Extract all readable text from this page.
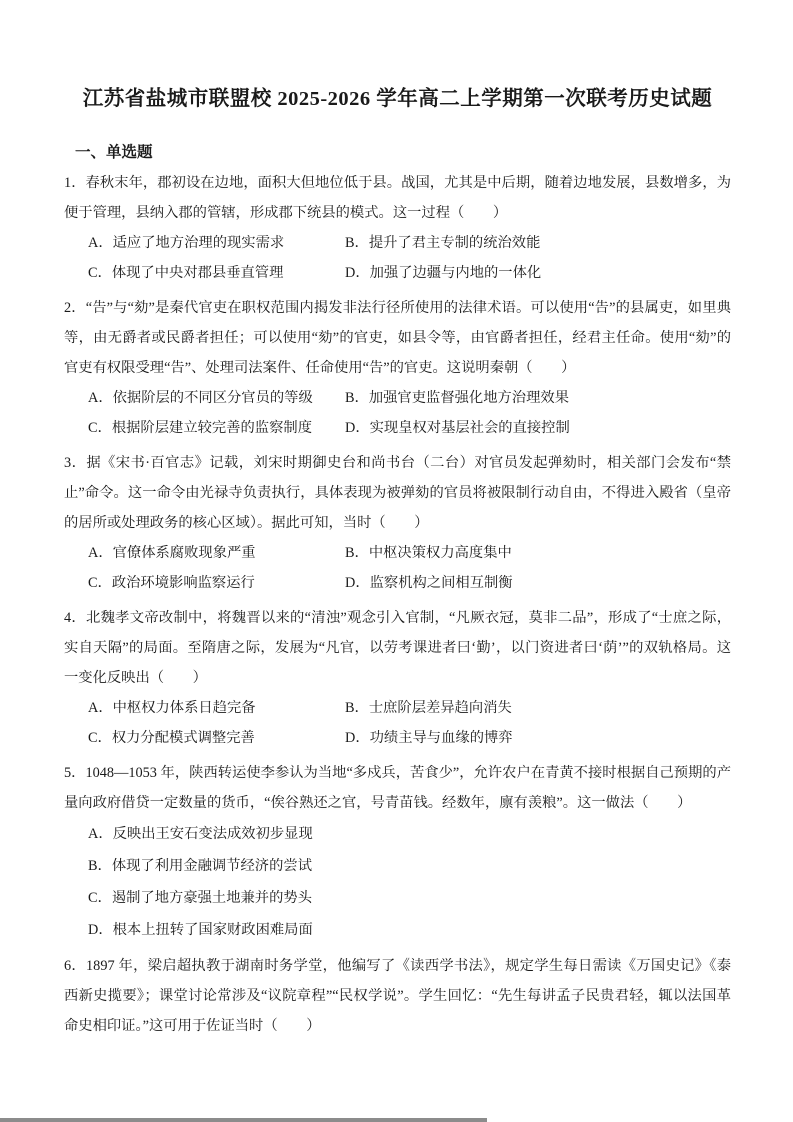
江苏省盐城市联盟校 2025-2026 学年高二上学期第一次联考历史试题
一、单选题

1．春秋末年，郡初设在边地，面积大但地位低于县。战国，尤其是中后期，随着边地发展，县数增多，为便于管理，县纳入郡的管辖，形成郡下统县的模式。这一过程（　　）

A．适应了地方治理的现实需求	B．提升了君主专制的统治效能
C．体现了中央对郡县垂直管理	D．加强了边疆与内地的一体化

2．“告”与“劾”是秦代官吏在职权范围内揭发非法行径所使用的法律术语。可以使用“告”的县属吏，如里典等，由无爵者或民爵者担任；可以使用“劾”的官吏，如县令等，由官爵者担任，经君主任命。使用“劾”的官吏有权限受理“告”、处理司法案件、任命使用“告”的官吏。这说明秦朝（　　）

A．依据阶层的不同区分官员的等级	B．加强官吏监督强化地方治理效果
C．根据阶层建立较完善的监察制度	D．实现皇权对基层社会的直接控制

3．据《宋书·百官志》记载，刘宋时期御史台和尚书台（二台）对官员发起弹劾时，相关部门会发布“禁止”命令。这一命令由光禄寺负责执行，具体表现为被弹劾的官员将被限制行动自由，不得进入殿省（皇帝的居所或处理政务的核心区域）。据此可知，当时（　　）

A．官僚体系腐败现象严重	B．中枢决策权力高度集中
C．政治环境影响监察运行	D．监察机构之间相互制衡

4．北魏孝文帝改制中，将魏晋以来的“清浊”观念引入官制，“凡厥衣冠，莫非二品”，形成了“士庶之际，实自天隔”的局面。至隋唐之际，发展为“凡官，以劳考课进者曰‘勤’，以门资进者曰‘荫’”的双轨格局。这一变化反映出（　　）

A．中枢权力体系日趋完备	B．士庶阶层差异趋向消失
C．权力分配模式调整完善	D．功绩主导与血缘的博弈

5．1048—1053 年，陕西转运使李参认为当地“多戍兵，苦食少”，允许农户在青黄不接时根据自己预期的产量向政府借贷一定数量的货币，“俟谷熟还之官，号青苗钱。经数年，廪有羡粮”。这一做法（　　）

A．反映出王安石变法成效初步显现
B．体现了利用金融调节经济的尝试
C．遏制了地方豪强土地兼并的势头
D．根本上扭转了国家财政困难局面

6．1897 年，梁启超执教于湖南时务学堂，他编写了《读西学书法》，规定学生每日需读《万国史记》《泰西新史揽要》；课堂讨论常涉及“议院章程”“民权学说”。学生回忆：“先生每讲孟子民贵君轻，辄以法国革命史相印证。”这可用于佐证当时（　　）
